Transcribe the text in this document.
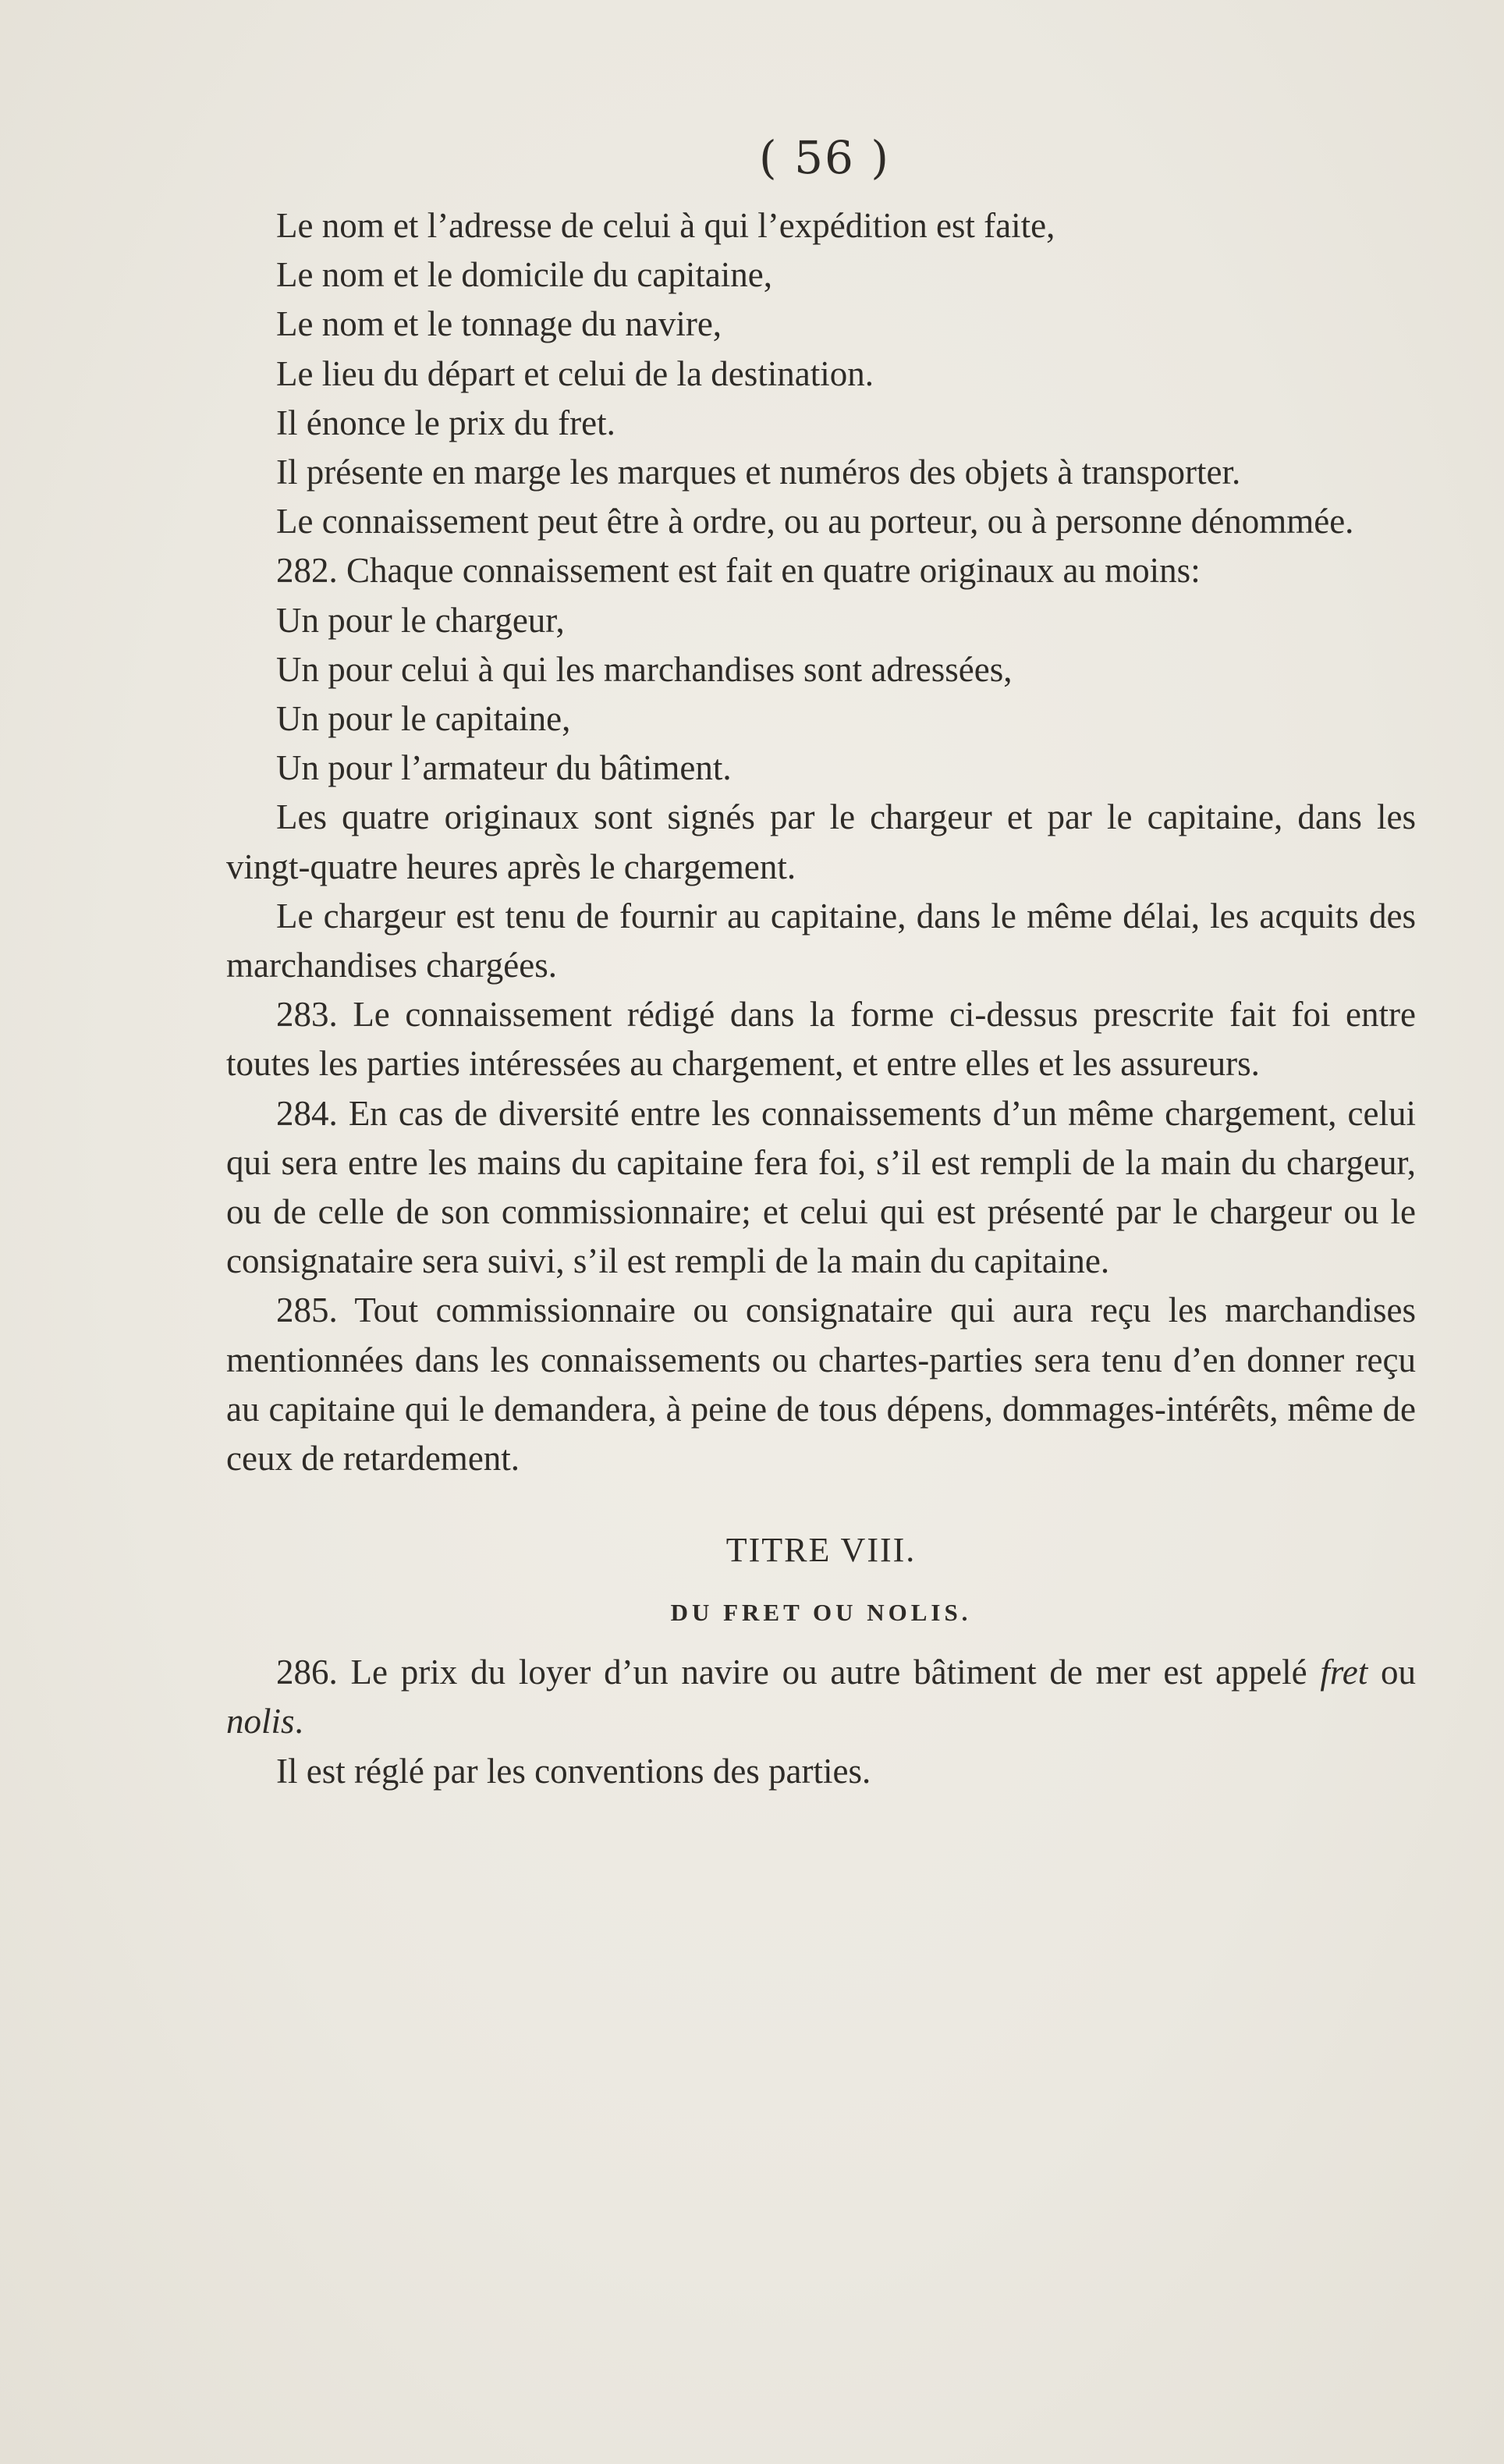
( 56 )

Le nom et l’adresse de celui à qui l’expédition est faite,

Le nom et le domicile du capitaine,

Le nom et le tonnage du navire,

Le lieu du départ et celui de la destination.

Il énonce le prix du fret.

Il présente en marge les marques et numéros des objets à transporter.

Le connaissement peut être à ordre, ou au porteur, ou à personne dénommée.

282. Chaque connaissement est fait en quatre originaux au moins:

Un pour le chargeur,

Un pour celui à qui les marchandises sont adressées,

Un pour le capitaine,

Un pour l’armateur du bâtiment.

Les quatre originaux sont signés par le chargeur et par le capitaine, dans les vingt-quatre heures après le chargement.

Le chargeur est tenu de fournir au capitaine, dans le même délai, les acquits des marchandises chargées.

283. Le connaissement rédigé dans la forme ci-dessus prescrite fait foi entre toutes les parties intéressées au chargement, et entre elles et les assureurs.

284. En cas de diversité entre les connaissements d’un même chargement, celui qui sera entre les mains du capitaine fera foi, s’il est rempli de la main du chargeur, ou de celle de son commissionnaire; et celui qui est présenté par le chargeur ou le consignataire sera suivi, s’il est rempli de la main du capitaine.

285. Tout commissionnaire ou consignataire qui aura reçu les marchandises mentionnées dans les connaissements ou chartes-parties sera tenu d’en donner reçu au capitaine qui le demandera, à peine de tous dépens, dommages-intérêts, même de ceux de retardement.

TITRE VIII.
DU FRET OU NOLIS.

286. Le prix du loyer d’un navire ou autre bâtiment de mer est appelé fret ou nolis.

Il est réglé par les conventions des parties.
